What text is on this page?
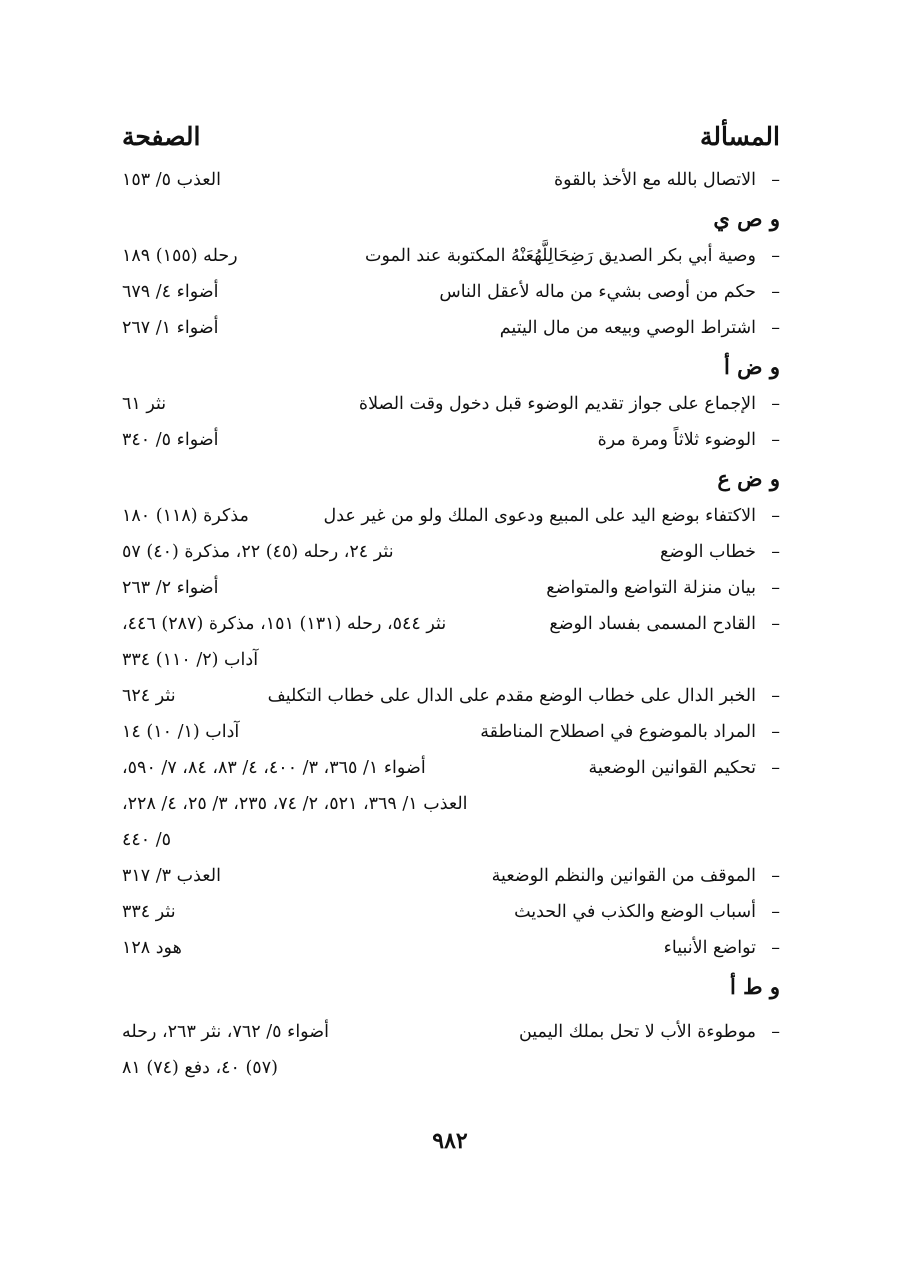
المسألة
الصفحة
–
الاتصال بالله مع الأخذ بالقوة
العذب ٥/ ١٥٣
و ص ي
–
وصية أبي بكر الصديق رَضِحَالِلَّهُعَنْهُ المكتوبة عند الموت
رحله (١٥٥) ١٨٩
–
حكم من أوصى بشيء من ماله لأعقل الناس
أضواء ٤/ ٦٧٩
–
اشتراط الوصي وبيعه من مال اليتيم
أضواء ١/ ٢٦٧
و ض أ
–
الإجماع على جواز تقديم الوضوء قبل دخول وقت الصلاة
نثر ٦١
–
الوضوء ثلاثاً ومرة مرة
أضواء ٥/ ٣٤٠
و ض ع
–
الاكتفاء بوضع اليد على المبيع ودعوى الملك ولو من غير عدل
مذكرة (١١٨) ١٨٠
–
خطاب الوضع
نثر ٢٤، رحله (٤٥) ٢٢، مذكرة (٤٠) ٥٧
–
بيان منزلة التواضع والمتواضع
أضواء ٢/ ٢٦٣
–
القادح المسمى بفساد الوضع
نثر ٥٤٤، رحله (١٣١) ١٥١، مذكرة (٢٨٧) ٤٤٦،
آداب (٢/ ١١٠) ٣٣٤
–
الخبر الدال على خطاب الوضع مقدم على الدال على خطاب التكليف
نثر ٦٢٤
–
المراد بالموضوع في اصطلاح المناطقة
آداب (١/ ١٠) ١٤
–
تحكيم القوانين الوضعية
أضواء ١/ ٣٦٥، ٣/ ٤٠٠، ٤/ ٨٣، ٨٤، ٧/ ٥٩٠،
العذب ١/ ٣٦٩، ٥٢١، ٢/ ٧٤، ٢٣٥، ٣/ ٢٥، ٤/ ٢٢٨،
٥/ ٤٤٠
–
الموقف من القوانين والنظم الوضعية
العذب ٣/ ٣١٧
–
أسباب الوضع والكذب في الحديث
نثر ٣٣٤
–
تواضع الأنبياء
هود ١٢٨
و ط أ
–
موطوءة الأب لا تحل بملك اليمين
أضواء ٥/ ٧٦٢، نثر ٢٦٣، رحله
(٥٧) ٤٠، دفع (٧٤) ٨١
٩٨٢
